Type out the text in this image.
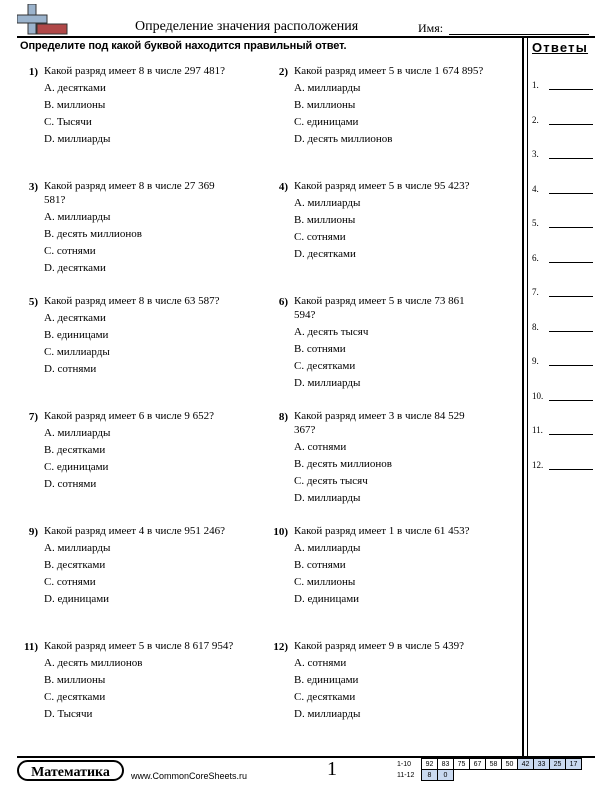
Определение значения расположения	Имя:
Определите под какой буквой находится правильный ответ.
1) Какой разряд имеет 8 в числе 297 481?
A. десятками
B. миллионы
C. Тысячи
D. миллиарды
2) Какой разряд имеет 5 в числе 1 674 895?
A. миллиарды
B. миллионы
C. единицами
D. десять миллионов
3) Какой разряд имеет 8 в числе 27 369 581?
A. миллиарды
B. десять миллионов
C. сотнями
D. десятками
4) Какой разряд имеет 5 в числе 95 423?
A. миллиарды
B. миллионы
C. сотнями
D. десятками
5) Какой разряд имеет 8 в числе 63 587?
A. десятками
B. единицами
C. миллиарды
D. сотнями
6) Какой разряд имеет 5 в числе 73 861 594?
A. десять тысяч
B. сотнями
C. десятками
D. миллиарды
7) Какой разряд имеет 6 в числе 9 652?
A. миллиарды
B. десятками
C. единицами
D. сотнями
8) Какой разряд имеет 3 в числе 84 529 367?
A. сотнями
B. десять миллионов
C. десять тысяч
D. миллиарды
9) Какой разряд имеет 4 в числе 951 246?
A. миллиарды
B. десятками
C. сотнями
D. единицами
10) Какой разряд имеет 1 в числе 61 453?
A. миллиарды
B. сотнями
C. миллионы
D. единицами
11) Какой разряд имеет 5 в числе 8 617 954?
A. десять миллионов
B. миллионы
C. десятками
D. Тысячи
12) Какой разряд имеет 9 в числе 5 439?
A. сотнями
B. единицами
C. десятками
D. миллиарды
Ответы
1.
2.
3.
4.
5.
6.
7.
8.
9.
10.
11.
12.
Математика	www.CommonCoreSheets.ru	1	1-10	92	83	75	67	58	50	42	33	25	17
11-12	8	0								
